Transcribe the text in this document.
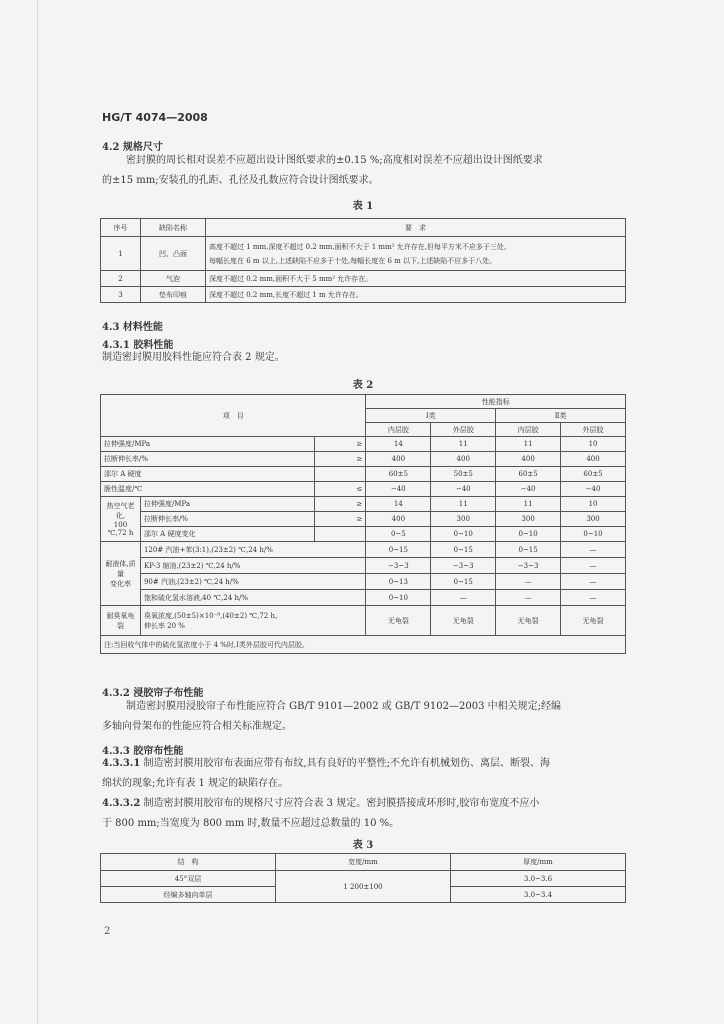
HG/T 4074—2008
4.2 规格尺寸
密封膜的周长相对误差不应超出设计图纸要求的±0.15 %;高度相对误差不应超出设计图纸要求
的±15 mm;安装孔的孔距、孔径及孔数应符合设计图纸要求。
表 1
序号	缺陷名称	要　求
1	凹、凸面	高度不超过 1 mm,深度不超过 0.2 mm,面积不大于 1 mm² 允许存在,但每平方米不应多于三处。
每幅长度在 6 m 以上,上述缺陷不应多于十处,每幅长度在 6 m 以下,上述缺陷不应多于八处。

2	气泡	深度不超过 0.2 mm,面积不大于 5 mm² 允许存在。
3	垫布印痕	深度不超过 0.2 mm,长度不超过 1 m 允许存在。
4.3 材料性能
4.3.1 胶料性能
制造密封膜用胶料性能应符合表 2 规定。
表 2
项　目			性能指标			
			Ⅰ类		Ⅱ类	
			内层胶	外层胶	内层胶	外层胶
拉伸强度/MPa		≥	14	11	11	10
拉断伸长率/%		≥	400	400	400	400
邵尔 A 硬度			60±5	50±5	60±5	60±5
脆性温度/℃		≤	−40	−40	−40	−40

热空气老化,
100 ℃,72 h	拉伸强度/MPa	≥	14	11	11	10
	拉断伸长率/%	≥	400	300	300	300
	邵尔 A 硬度变化		0~5	0~10	0~10	0~10

耐液体,质量
变化率	120# 汽油+苯(3:1),(23±2) ℃,24 h/%		0~15	0~15	0~15	—
	KP-3 缩油,(23±2) ℃,24 h/%		−3~3	−3~3	−3~3	—
	90# 汽油,(23±2) ℃,24 h/%		0~13	0~15	—	—
	饱和硫化氢水溶液,40 ℃,24 h/%		0~10	—	—	—
耐臭氧龟裂	臭氧浓度,(50±5)×10⁻⁸,(40±2) ℃,72 h,
伸长率 20 %		无龟裂	无龟裂	无龟裂	无龟裂
注:当回收气体中的硫化氢浓度小于 4 %时,Ⅰ类外层胶可代内层胶。						
4.3.2 浸胶帘子布性能
制造密封膜用浸胶帘子布性能应符合 GB/T 9101—2002 或 GB/T 9102—2003 中相关规定;经编
多轴向骨架布的性能应符合相关标准规定。
4.3.3 胶帘布性能
4.3.3.1 制造密封膜用胶帘布表面应带有布纹,具有良好的平整性;不允许有机械划伤、离层、断裂、海
绵状的现象;允许有表 1 规定的缺陷存在。
4.3.3.2 制造密封膜用胶帘布的规格尺寸应符合表 3 规定。密封膜搭接成环形时,胶帘布宽度不应小
于 800 mm;当宽度为 800 mm 时,数量不应超过总数量的 10 %。
表 3
结　构	宽度/mm	厚度/mm
45°双层	1 200±100	3.0~3.6
经编多轴向单层		3.0~3.4
2
